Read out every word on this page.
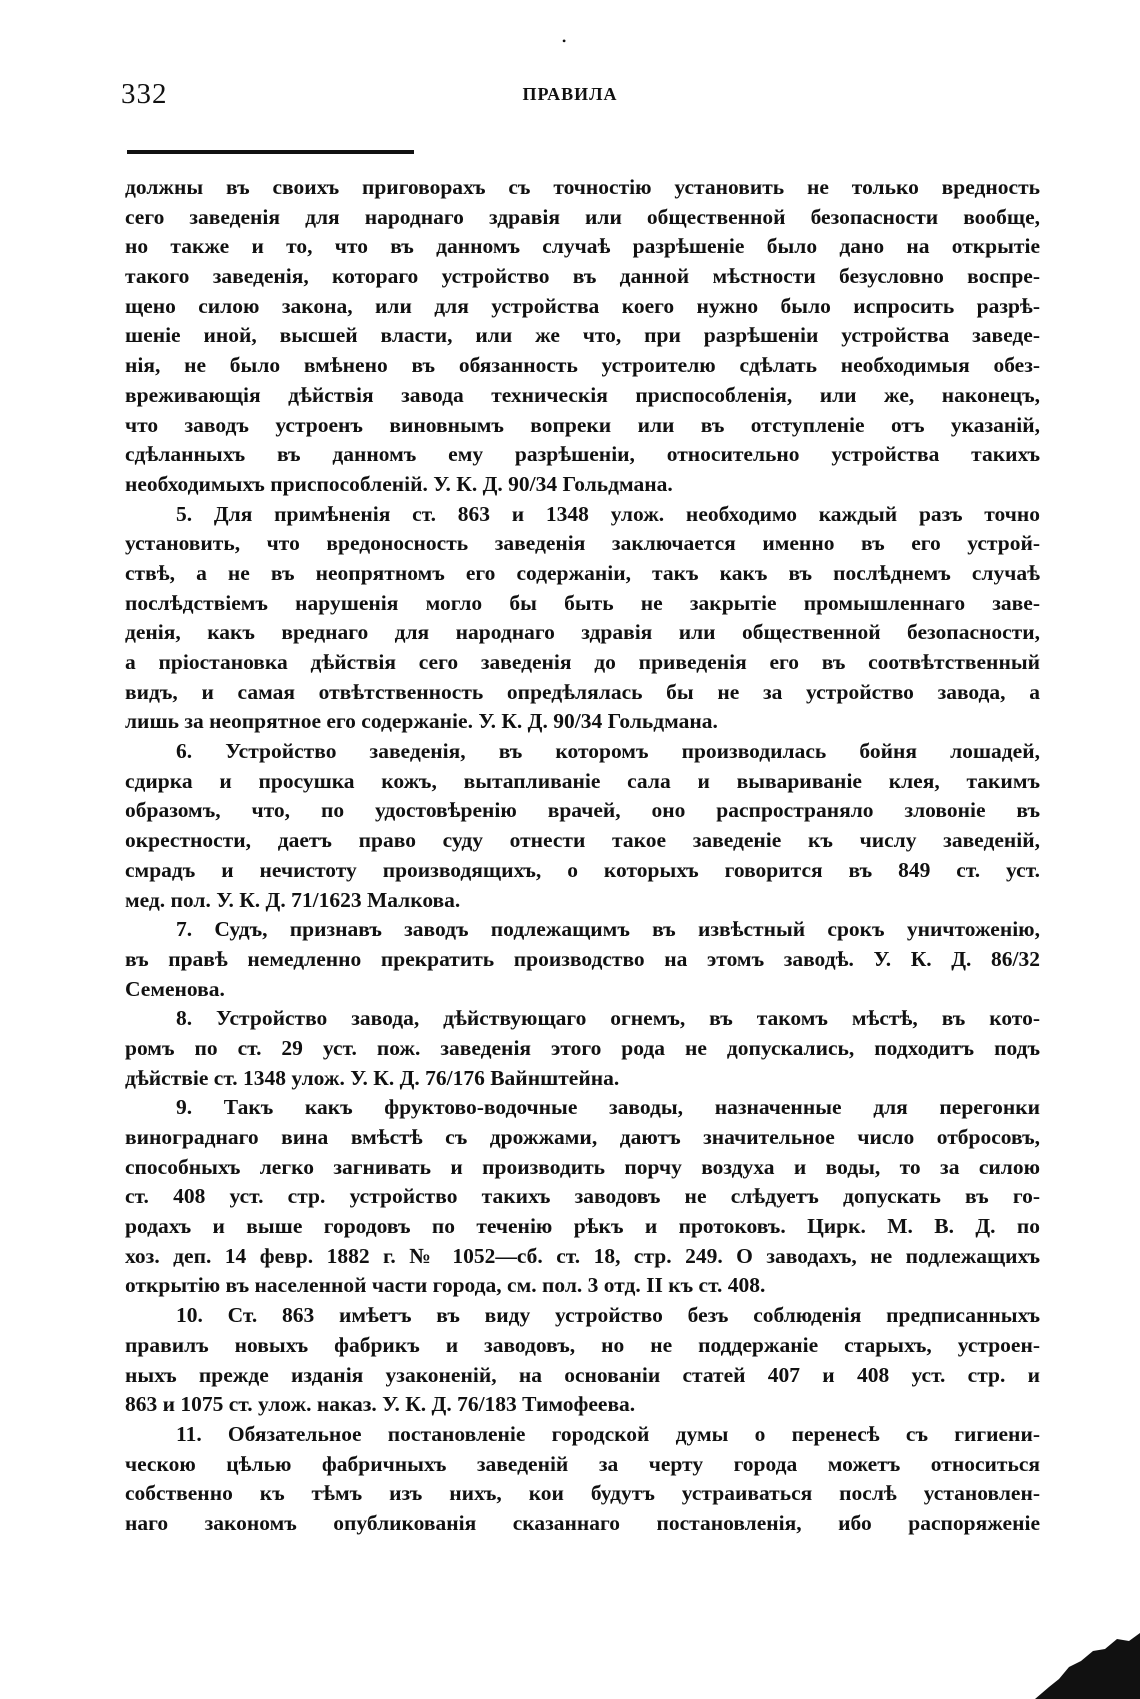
•
332	ПРАВИЛА
должны въ своихъ приговорахъ съ точностію установить не только вредность
сего заведенія для народнаго здравія или общественной безопасности вообще,
но также и то, что въ данномъ случаѣ разрѣшеніе было дано на открытіе
такого заведенія, котораго устройство въ данной мѣстности безусловно воспре-
щено силою закона, или для устройства коего нужно было испросить разрѣ-
шеніе иной, высшей власти, или же что, при разрѣшеніи устройства заведе-
нія, не было вмѣнено въ обязанность устроителю сдѣлать необходимыя обез-
вреживающія дѣйствія завода техническія приспособленія, или же, наконецъ,
что заводъ устроенъ виновнымъ вопреки или въ отступленіе отъ указаній,
сдѣланныхъ въ данномъ ему разрѣшеніи, относительно устройства такихъ
необходимыхъ приспособленій. У. К. Д. 90/34 Гольдмана.
5. Для примѣненія ст. 863 и 1348 улож. необходимо каждый разъ точно
установить, что вредоносность заведенія заключается именно въ его устрой-
ствѣ, а не въ неопрятномъ его содержаніи, такъ какъ въ послѣднемъ случаѣ
послѣдствіемъ нарушенія могло бы быть не закрытіе промышленнаго заве-
денія, какъ вреднаго для народнаго здравія или общественной безопасности,
а пріостановка дѣйствія сего заведенія до приведенія его въ соотвѣтственный
видъ, и самая отвѣтственность опредѣлялась бы не за устройство завода, а
лишь за неопрятное его содержаніе. У. К. Д. 90/34 Гольдмана.
6. Устройство заведенія, въ которомъ производилась бойня лошадей,
сдирка и просушка кожъ, вытапливаніе сала и вывариваніе клея, такимъ
образомъ, что, по удостовѣренію врачей, оно распространяло зловоніе въ
окрестности, даетъ право суду отнести такое заведеніе къ числу заведеній,
смрадъ и нечистоту производящихъ, о которыхъ говорится въ 849 ст. уст.
мед. пол. У. К. Д. 71/1623 Малкова.
7. Судъ, признавъ заводъ подлежащимъ въ извѣстный срокъ уничтоженію,
въ правѣ немедленно прекратить производство на этомъ заводѣ. У. К. Д. 86/32
Семенова.
8. Устройство завода, дѣйствующаго огнемъ, въ такомъ мѣстѣ, въ кото-
ромъ по ст. 29 уст. пож. заведенія этого рода не допускались, подходитъ подъ
дѣйствіе ст. 1348 улож. У. К. Д. 76/176 Вайнштейна.
9. Такъ какъ фруктово-водочные заводы, назначенные для перегонки
винограднаго вина вмѣстѣ съ дрожжами, даютъ значительное число отбросовъ,
способныхъ легко загнивать и производить порчу воздуха и воды, то за силою
ст. 408 уст. стр. устройство такихъ заводовъ не слѣдуетъ допускать въ го-
родахъ и выше городовъ по теченію рѣкъ и протоковъ. Цирк. М. В. Д. по
хоз. деп. 14 февр. 1882 г. № 1052—сб. ст. 18, стр. 249. О заводахъ, не подлежащихъ
открытію въ населенной части города, см. пол. 3 отд. II къ ст. 408.
10. Ст. 863 имѣетъ въ виду устройство безъ соблюденія предписанныхъ
правилъ новыхъ фабрикъ и заводовъ, но не поддержаніе старыхъ, устроен-
ныхъ прежде изданія узаконеній, на основаніи статей 407 и 408 уст. стр. и
863 и 1075 ст. улож. наказ. У. К. Д. 76/183 Тимофеева.
11. Обязательное постановленіе городской думы о перенесѣ съ гигиени-
ческою цѣлью фабричныхъ заведеній за черту города можетъ относиться
собственно къ тѣмъ изъ нихъ, кои будутъ устраиваться послѣ установлен-
наго закономъ опубликованія сказаннаго постановленія, ибо распоряженіе
